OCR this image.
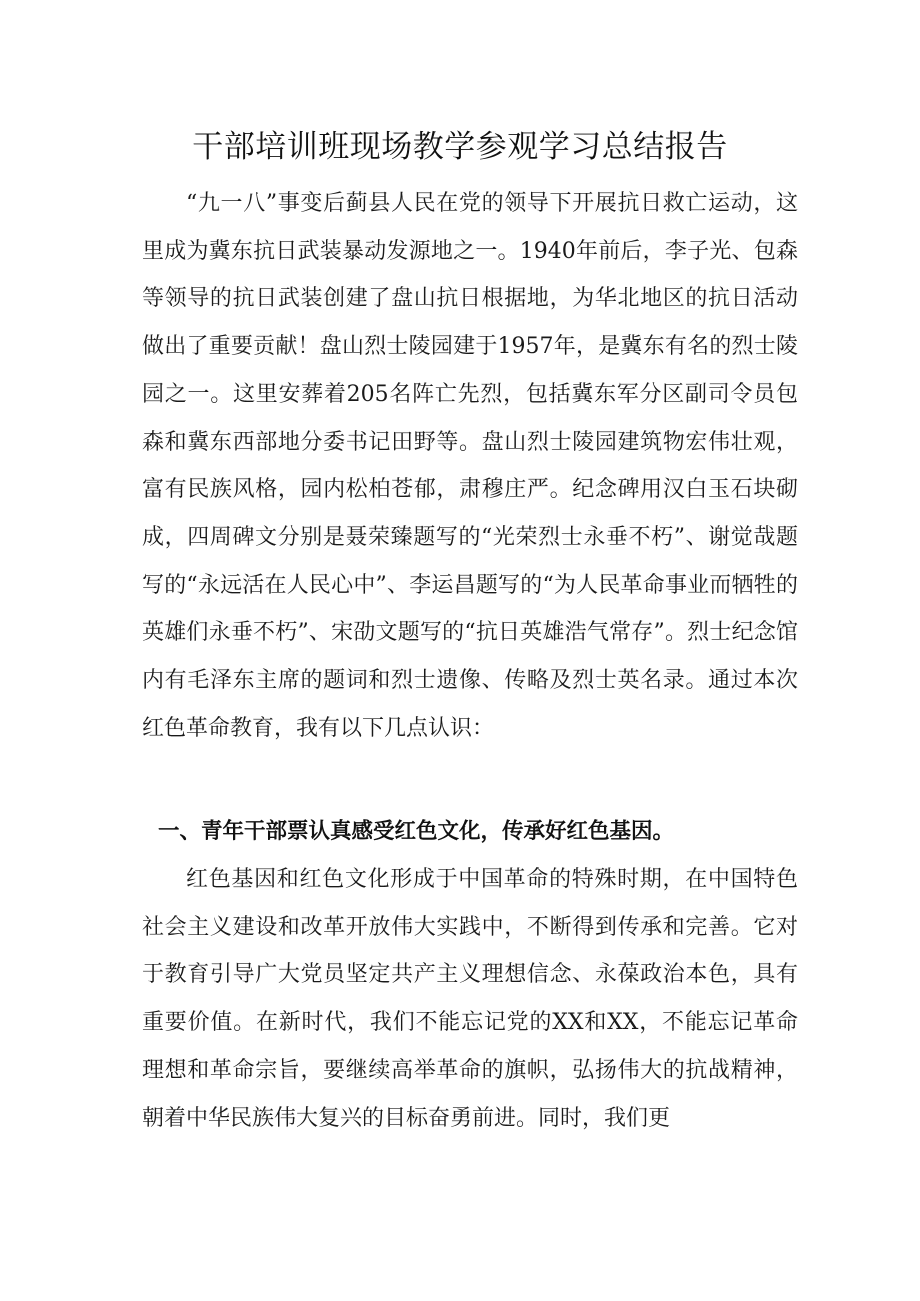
干部培训班现场教学参观学习总结报告

“九一八”事变后蓟县人民在党的领导下开展抗日救亡运动，这里成为冀东抗日武装暴动发源地之一。1940年前后，李子光、包森等领导的抗日武装创建了盘山抗日根据地，为华北地区的抗日活动做出了重要贡献！盘山烈士陵园建于1957年，是冀东有名的烈士陵园之一。这里安葬着205名阵亡先烈，包括冀东军分区副司令员包森和冀东西部地分委书记田野等。盘山烈士陵园建筑物宏伟壮观，富有民族风格，园内松柏苍郁，肃穆庄严。纪念碑用汉白玉石块砌成，四周碑文分别是聂荣臻题写的“光荣烈士永垂不朽”、谢觉哉题写的“永远活在人民心中”、李运昌题写的“为人民革命事业而牺牲的英雄们永垂不朽”、宋劭文题写的“抗日英雄浩气常存”。烈士纪念馆内有毛泽东主席的题词和烈士遗像、传略及烈士英名录。通过本次红色革命教育，我有以下几点认识：

一、青年干部票认真感受红色文化，传承好红色基因。

红色基因和红色文化形成于中国革命的特殊时期，在中国特色社会主义建设和改革开放伟大实践中，不断得到传承和完善。它对于教育引导广大党员坚定共产主义理想信念、永葆政治本色，具有重要价值。在新时代，我们不能忘记党的XX和XX，不能忘记革命理想和革命宗旨，要继续高举革命的旗帜，弘扬伟大的抗战精神，朝着中华民族伟大复兴的目标奋勇前进。同时，我们更
